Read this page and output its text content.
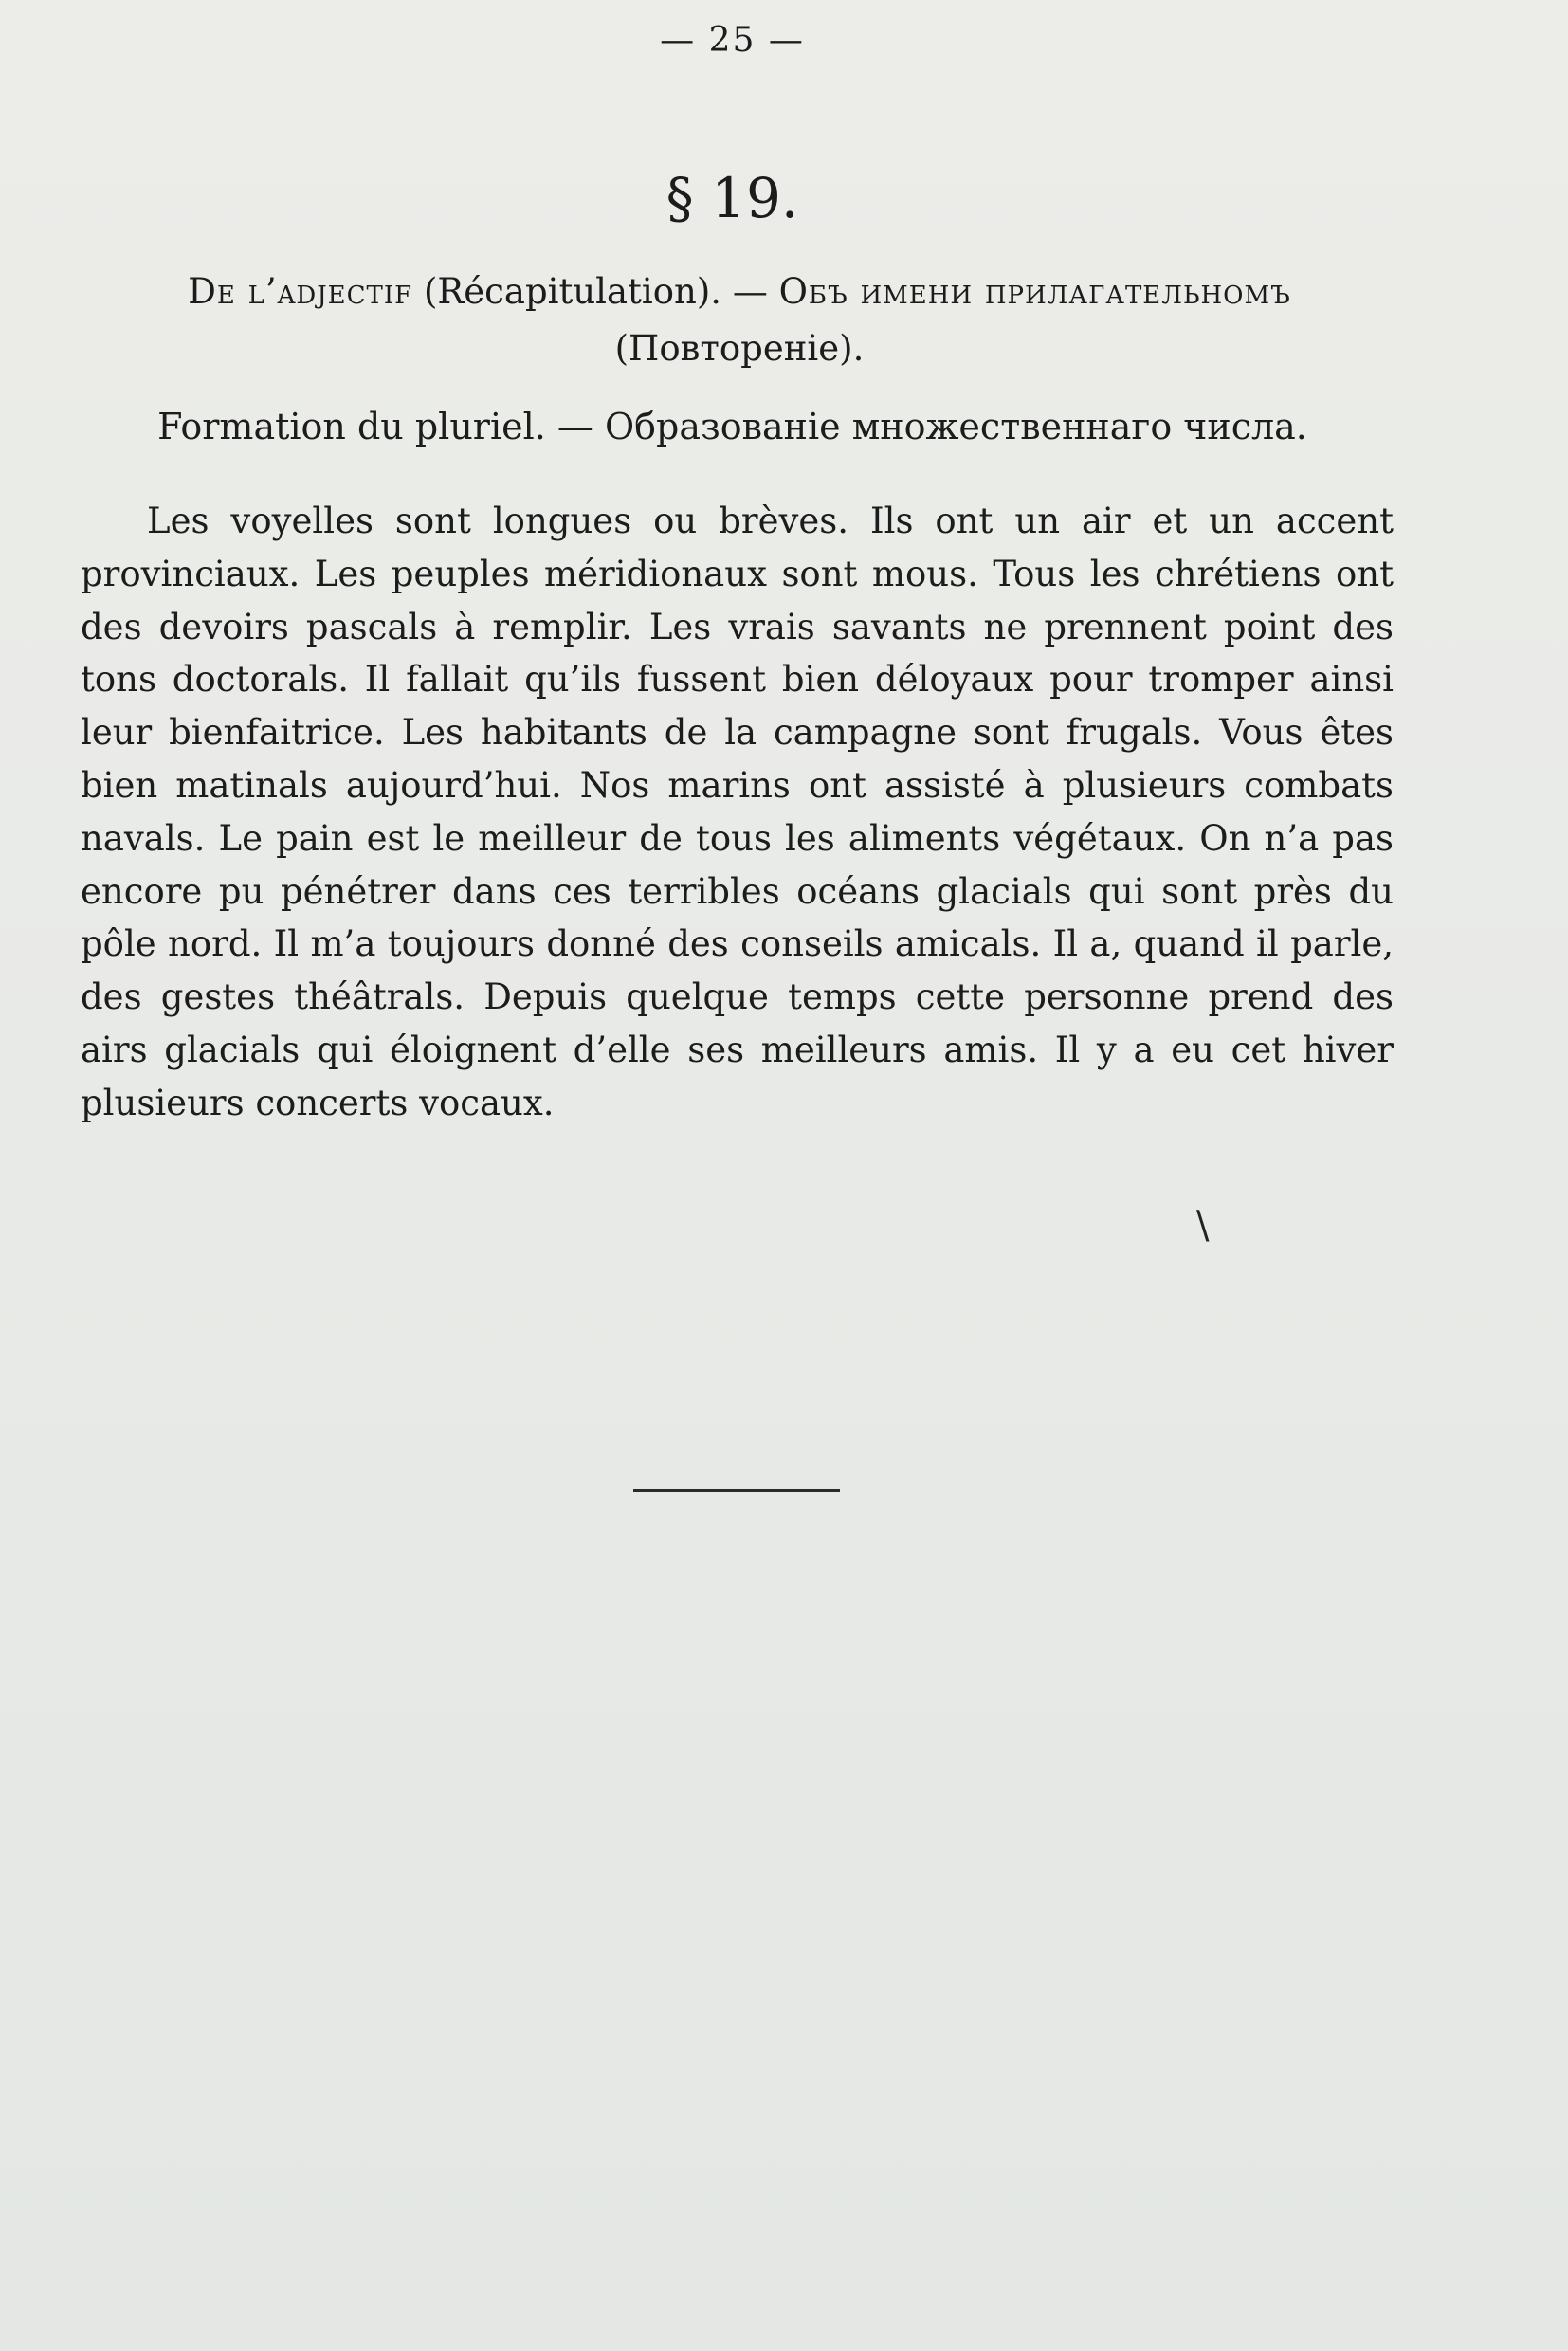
— 25 —
§ 19.
De l’adjectif (Récapitulation). — Объ имени прилагательномъ
(Повтореніе).
Formation du pluriel. — Образованіе множественнаго числа.

Les voyelles sont longues ou brèves. Ils ont un air et un accent provinciaux. Les peuples méridionaux sont mous. Tous les chrétiens ont des devoirs pascals à remplir. Les vrais savants ne prennent point des tons doctorals. Il fallait qu’ils fussent bien déloyaux pour tromper ainsi leur bienfaitrice. Les habitants de la campagne sont frugals. Vous êtes bien matinals aujourd’hui. Nos marins ont assisté à plusieurs combats navals. Le pain est le meilleur de tous les aliments végétaux. On n’a pas encore pu pénétrer dans ces terribles océans glacials qui sont près du pôle nord. Il m’a toujours donné des conseils amicals. Il a, quand il parle, des gestes théâtrals. Depuis quelque temps cette personne prend des airs glacials qui éloignent d’elle ses meilleurs amis. Il y a eu cet hiver plusieurs concerts vocaux.

\
